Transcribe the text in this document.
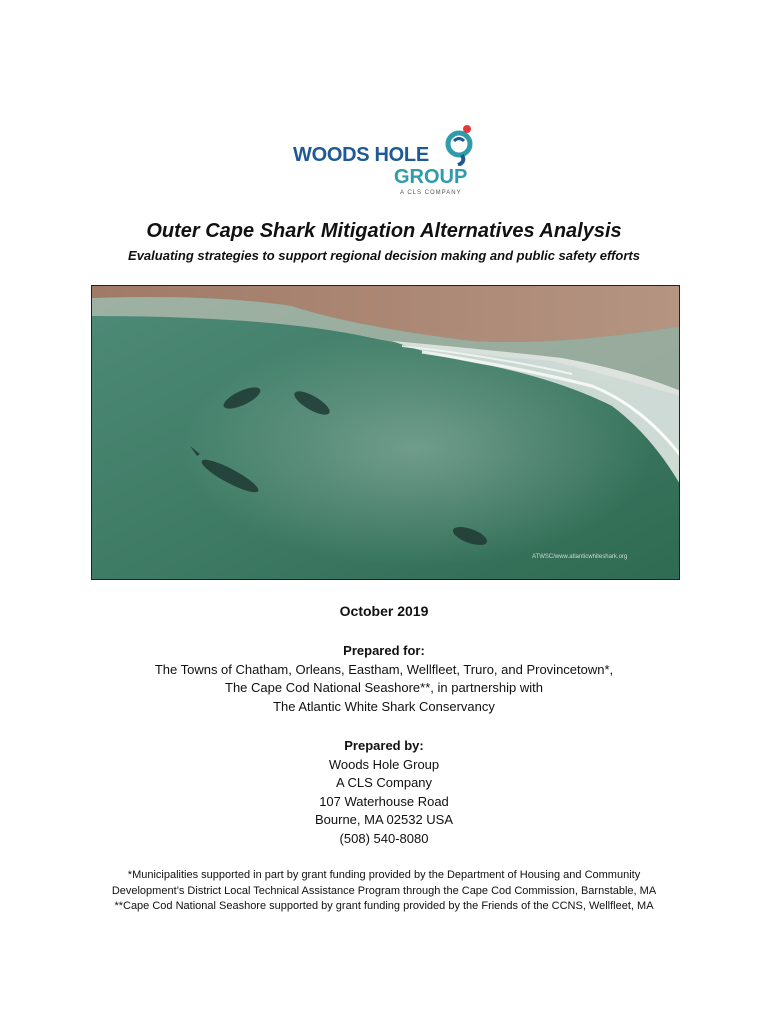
WOODS HOLE
GROUP
A CLS COMPANY
Outer Cape Shark Mitigation Alternatives Analysis
Evaluating strategies to support regional decision making and public safety efforts
ATWSC/www.atlanticwhiteshark.org
October 2019
Prepared for:
The Towns of Chatham, Orleans, Eastham, Wellfleet, Truro, and Provincetown*,
The Cape Cod National Seashore**, in partnership with
The Atlantic White Shark Conservancy
Prepared by:
Woods Hole Group
A CLS Company
107 Waterhouse Road
Bourne, MA 02532 USA
(508) 540-8080
*Municipalities supported in part by grant funding provided by the Department of Housing and Community
Development’s District Local Technical Assistance Program through the Cape Cod Commission, Barnstable, MA
**Cape Cod National Seashore supported by grant funding provided by the Friends of the CCNS, Wellfleet, MA
